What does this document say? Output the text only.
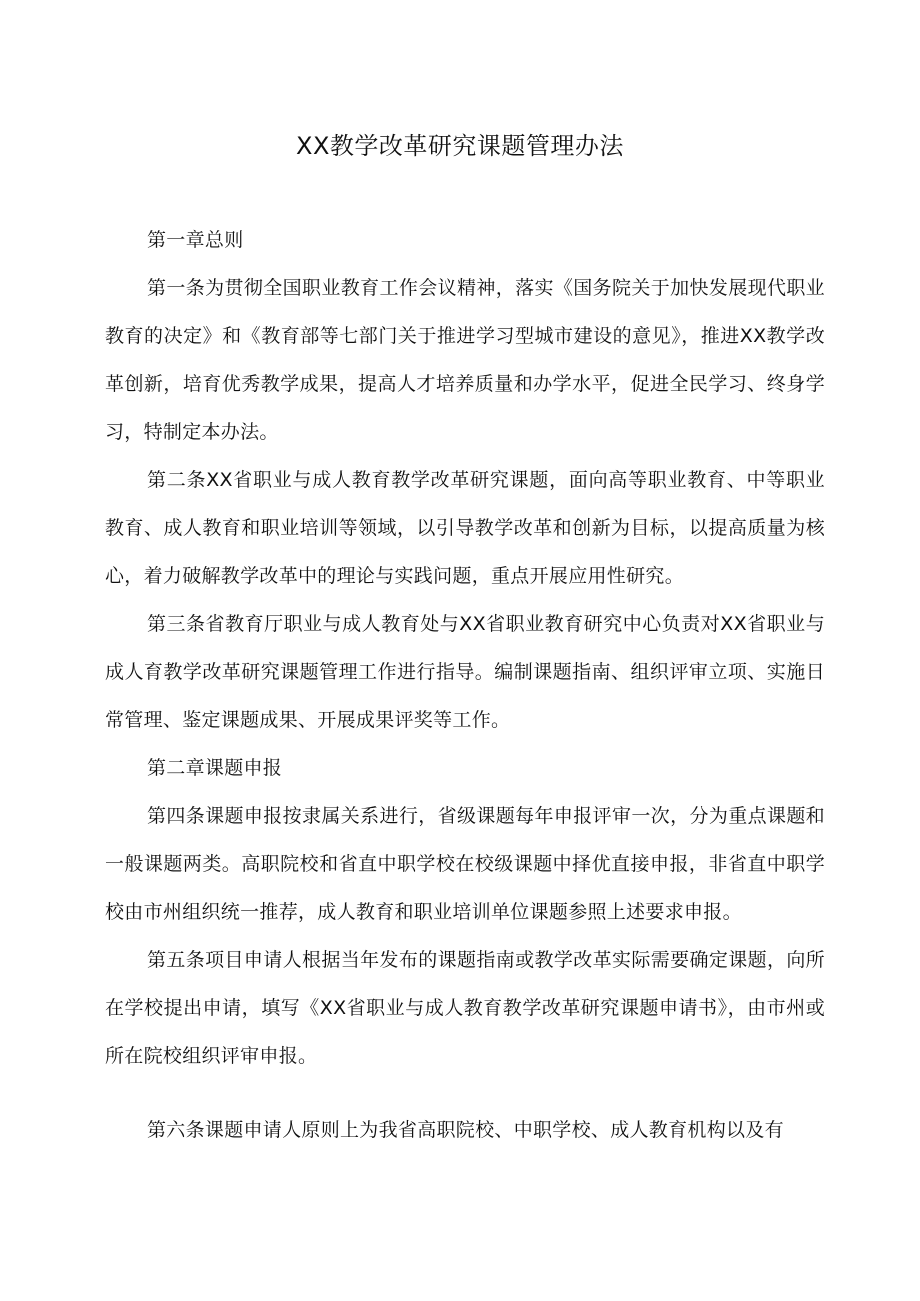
XX教学改革研究课题管理办法

第一章总则

第一条为贯彻全国职业教育工作会议精神，落实《国务院关于加快发展现代职业教育的决定》和《教育部等七部门关于推进学习型城市建设的意见》，推进XX教学改革创新，培育优秀教学成果，提高人才培养质量和办学水平，促进全民学习、终身学习，特制定本办法。

第二条XX省职业与成人教育教学改革研究课题，面向高等职业教育、中等职业教育、成人教育和职业培训等领域，以引导教学改革和创新为目标，以提高质量为核心，着力破解教学改革中的理论与实践问题，重点开展应用性研究。

第三条省教育厅职业与成人教育处与XX省职业教育研究中心负责对XX省职业与成人育教学改革研究课题管理工作进行指导。编制课题指南、组织评审立项、实施日常管理、鉴定课题成果、开展成果评奖等工作。

第二章课题申报

第四条课题申报按隶属关系进行，省级课题每年申报评审一次，分为重点课题和一般课题两类。高职院校和省直中职学校在校级课题中择优直接申报，非省直中职学校由市州组织统一推荐，成人教育和职业培训单位课题参照上述要求申报。

第五条项目申请人根据当年发布的课题指南或教学改革实际需要确定课题，向所在学校提出申请，填写《XX省职业与成人教育教学改革研究课题申请书》，由市州或所在院校组织评审申报。

第六条课题申请人原则上为我省高职院校、中职学校、成人教育机构以及有
